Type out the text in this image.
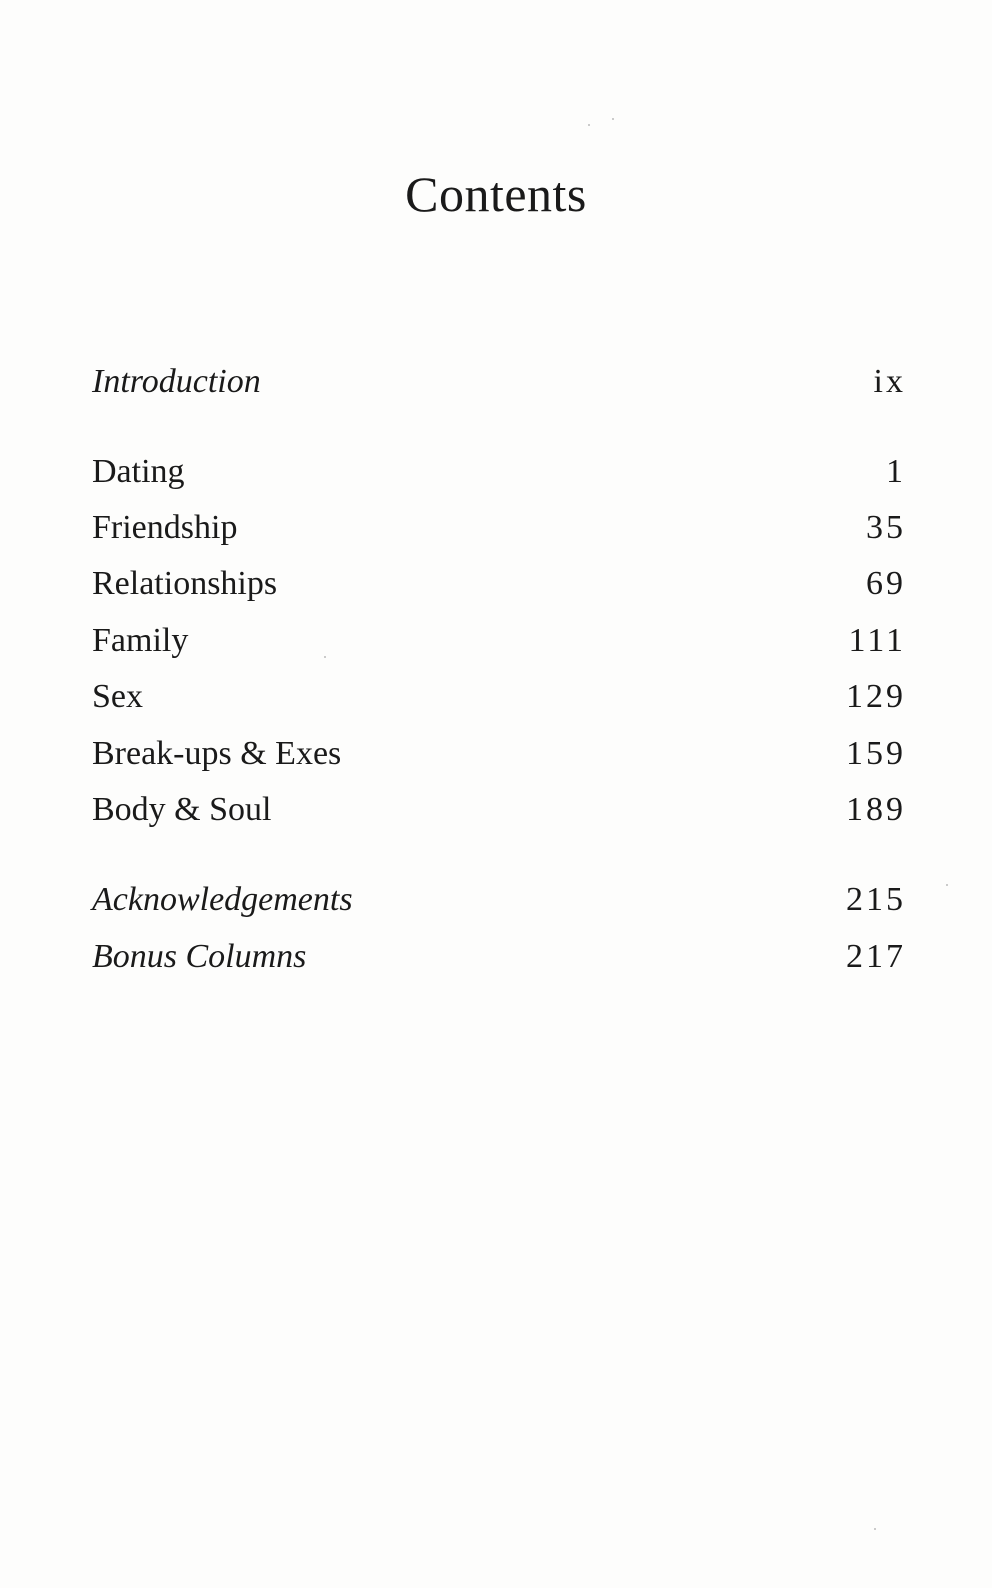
Contents
Introduction	ix
Dating	1
Friendship	35
Relationships	69
Family	111
Sex	129
Break-ups & Exes	159
Body & Soul	189
Acknowledgements	215
Bonus Columns	217
